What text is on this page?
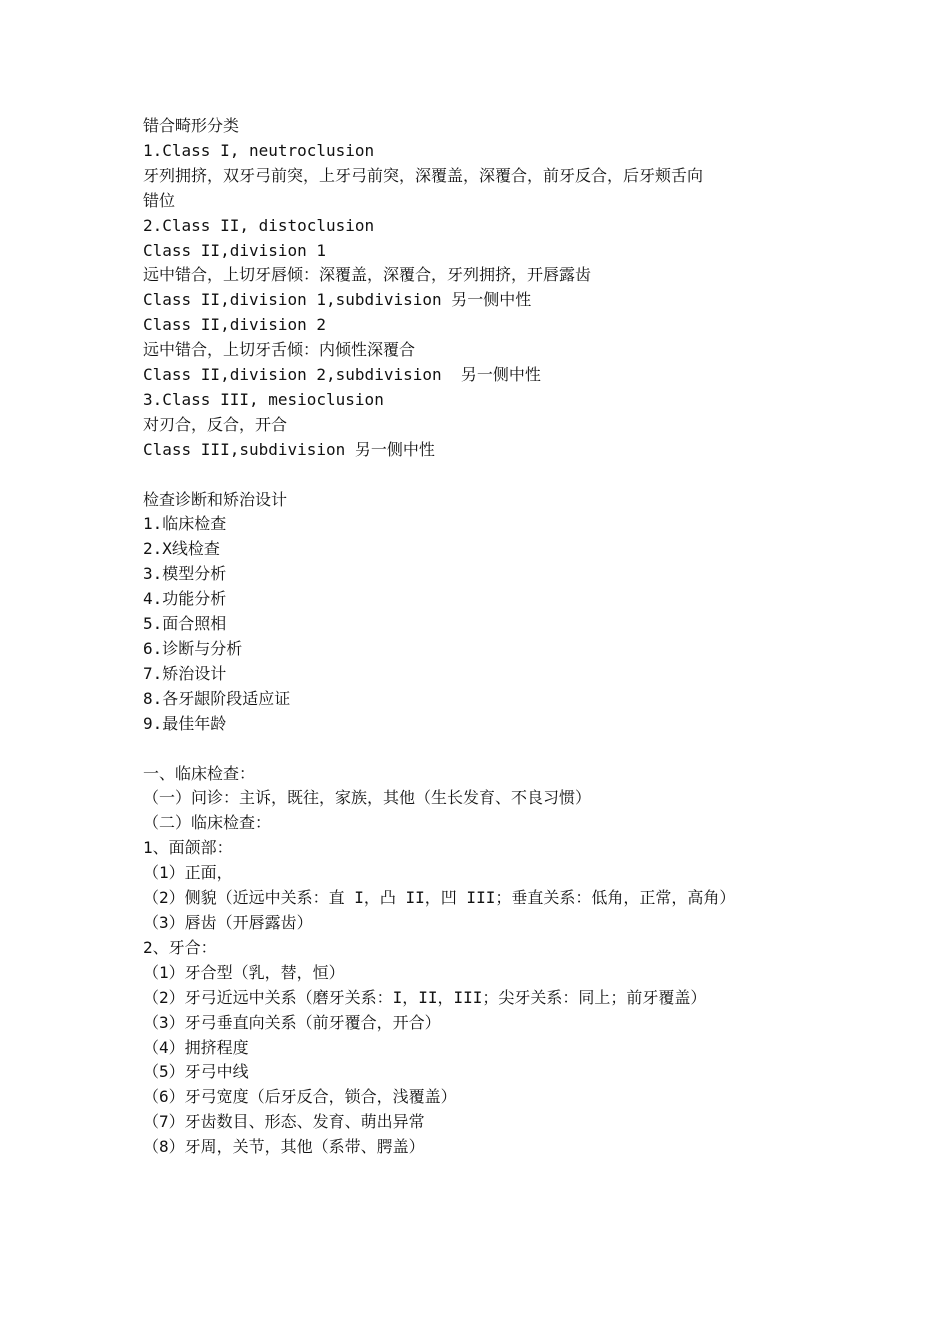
错合畸形分类
1.Class I, neutroclusion
牙列拥挤，双牙弓前突，上牙弓前突，深覆盖，深覆合，前牙反合，后牙颊舌向
错位
2.Class II, distoclusion
Class II,division 1
远中错合，上切牙唇倾：深覆盖，深覆合，牙列拥挤，开唇露齿
Class II,division 1,subdivision 另一侧中性
Class II,division 2
远中错合，上切牙舌倾：内倾性深覆合
Class II,division 2,subdivision  另一侧中性
3.Class III, mesioclusion
对刃合，反合，开合
Class III,subdivision 另一侧中性
检查诊断和矫治设计
1.临床检查
2.X线检查
3.模型分析
4.功能分析
5.面合照相
6.诊断与分析
7.矫治设计
8.各牙龈阶段适应证
9.最佳年龄
一、临床检查：
（一）问诊：主诉，既往，家族，其他（生长发育、不良习惯）
（二）临床检查：
1、面颌部：
（1）正面，
（2）侧貌（近远中关系：直 I，凸 II，凹 III；垂直关系：低角，正常，高角）
（3）唇齿（开唇露齿）
2、牙合：
（1）牙合型（乳，替，恒）
（2）牙弓近远中关系（磨牙关系：I，II，III；尖牙关系：同上；前牙覆盖）
（3）牙弓垂直向关系（前牙覆合，开合）
（4）拥挤程度
（5）牙弓中线
（6）牙弓宽度（后牙反合，锁合，浅覆盖）
（7）牙齿数目、形态、发育、萌出异常
（8）牙周，关节，其他（系带、腭盖）
